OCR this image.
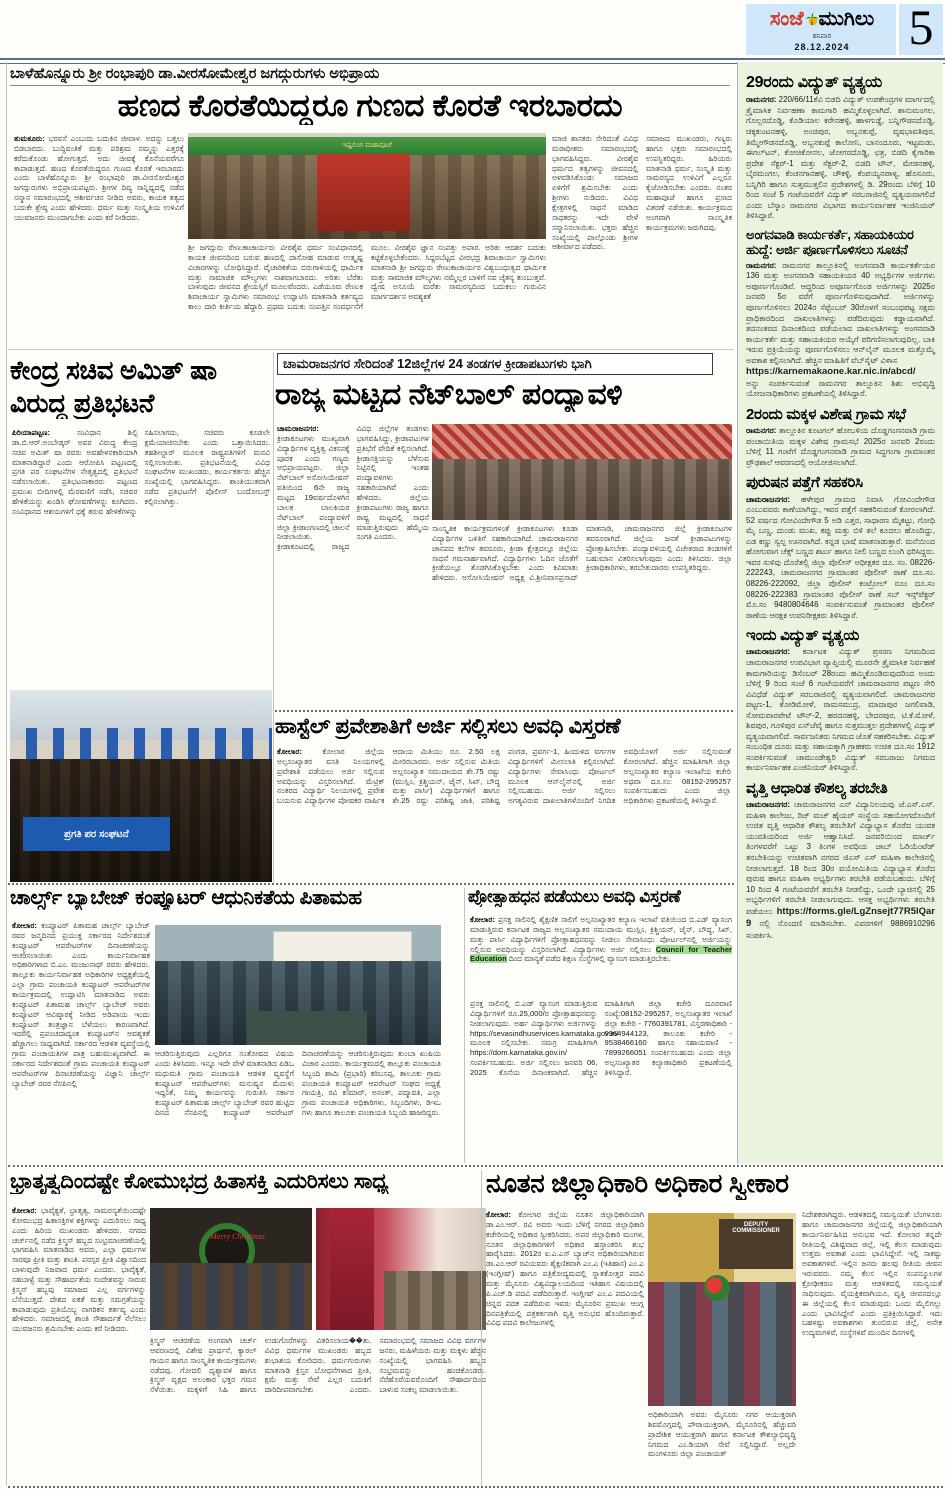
ಸಂಜೆ ಮುಗಿಲು
ಶನಿವಾರ
28.12.2024	5
ಬಾಳೆಹೊನ್ನೂರು ಶ್ರೀ ರಂಭಾಪುರಿ ಡಾ.ವೀರಸೋಮೇಶ್ವರ ಜಗದ್ಗುರುಗಳು ಅಭಿಪ್ರಾಯ
ಹಣದ ಕೊರತೆಯಿದ್ದರೂ ಗುಣದ ಕೊರತೆ ಇರಬಾರದು
ತುಮಕೂರು: ಭರವಸೆ ಎಂಬುದು ಬದುಕಿನ ಜೀವಾಳ. ಅದನ್ನು ಬತ್ತಲು ಬಿಡಬಾರದು. ಬುದ್ಧಿವಂತಿಕೆ ಮತ್ತು ಪರಿಶ್ರಮ ನಮ್ಮನ್ನು ಎತ್ತರಕ್ಕೆ ಕರೆದುಕೊಂಡು ಹೋಗುತ್ತದೆ. ಅದು ಜೀವಕ್ಕೆ ಕೊನೆಯವರೆಗೂ ಕಾಪಾಡುತ್ತದೆ. ಹಣದ ಕೊರತೆಯಿದ್ದರೂ ಗುಣದ ಕೊರತೆ ಇರಬಾರದು ಎಂದು ಬಾಳೆಹೊನ್ನೂರು ಶ್ರೀ ರಂಭಾಪುರಿ ಡಾ.ವೀರಸೋಮೇಶ್ವರ ಜಗದ್ಗುರುಗಳು ಅಭಿಪ್ರಾಯಪಟ್ಟರು. ಶ್ರೀಗಳ ದಿವ್ಯ ಸಾನ್ನಿಧ್ಯದಲ್ಲಿ ನಡೆದ ಸನ್ಮಾನ ಸಮಾರಂಭದಲ್ಲಿ ಆಶೀರ್ವಚನ ನೀಡಿದ ಅವರು, ಕಾಯಕ ತತ್ವದ ಬದುಕೇ ಶ್ರೇಷ್ಠ ಎಂದು ಹೇಳಿದರು. ಧರ್ಮ ಮತ್ತು ಸಂಸ್ಕೃತಿಯ ಉಳಿವಿಗೆ ಯುವಜನರು ಮುಂದಾಗಬೇಕು ಎಂದು ಕರೆ ನೀಡಿದರು.
ಇಷ್ಟಲಿಂಗ ಮಹಾಪೂಜೆ
ಶ್ರೀ ಜಗದ್ಗುರು ರೇಣುಕಾಚಾರ್ಯರು ವೀರಶೈವ ಧರ್ಮ ಸಂವಿಧಾನದಲ್ಲಿ ಕಾಯಕ ಜೀವನದಿಂದ ಬರುವ ಹಣದಲ್ಲಿ ದಾಸೋಹ ಮಾಡುವ ಉತ್ಕೃಷ್ಟ ವಿಚಾರಗಳನ್ನು ಬೋಧಿಸಿದ್ದಾರೆ. ವೈಚಾರಿಕತೆಯ ಬಿರುಗಾಳಿಯಲ್ಲಿ ಧಾರ್ಮಿಕ ಮತ್ತು ಸಾಮಾಜಿಕ ಮೌಲ್ಯಗಳು ನಾಶವಾಗಬಾರದು. ಅರಿತು ಬೆರೆತು ಬಾಳುವುದು ಜೀವನದ ಶ್ರೇಯಸ್ಸಿಗೆ ಮೂಲವೆಂದರು. ಎಡೆಯೂರು ರೇಣುಕ ಶಿವಾಚಾರ್ಯ ಸ್ವಾಮಿಗಳು ಸಮಾರಂಭ ಉದ್ಘಾಟಿಸಿ ಮಾತನಾಡಿ ಕರ್ತವ್ಯದ ಕಾಲು ದಾರಿ ಕೀರ್ತಿಯ ಹೆದ್ದಾರಿ. ಪ್ರಥಮ ಬದುಕು ಸಂಪತ್ತಿನ ಸಂವರ್ಧನೆಗೆ ಮೂಲ. ವೀರಶೈವ ಜ್ಞಾನ ಸಂಪತ್ತು ಅಪಾರ. ಅರಿತು ಆದರ್ಶ ಬದುಕು ಕಟ್ಟಿಕೊಳ್ಳಬೇಕೆಂದರು. ಸಿದ್ದರಬೆಟ್ಟದ ವೀರಭದ್ರ ಶಿವಾಚಾರ್ಯ ಸ್ವಾಮಿಗಳು ಮಾತನಾಡಿ ಶ್ರೀ ಜಗದ್ಗುರು ರೇಣುಕಾಚಾರ್ಯರ ವಿಶ್ವಬಂಧುತ್ವದ ಧಾರ್ಮಿಕ ಮತ್ತು ಸಾಮಾಜಿಕ ಮೌಲ್ಯಗಳು ನಮ್ಮೆಲ್ಲರ ಬಾಳಿಗೆ ನವ ಚೈತನ್ಯ ತುಂಬುತ್ತವೆ. ದ್ವೇಷ ಅಸೂಯೆ ಮರೆತು ಸಾಮರಸ್ಯದಿಂದ ಬದುಕಲು ಗುರುವಿನ ಮಾರ್ಗದರ್ಶನ ಅವಶ್ಯಕತೆ
ಮಾಜಿ ಶಾಸಕರು ಸೇರಿದಂತೆ ವಿವಿಧ ಮಠಾಧೀಶರು ಸಮಾರಂಭದಲ್ಲಿ ಭಾಗವಹಿಸಿದ್ದರು. ವೀರಶೈವ ಧರ್ಮದ ತತ್ವಗಳನ್ನು ಜೀವನದಲ್ಲಿ ಅಳವಡಿಸಿಕೊಂಡು ಸಮಾಜದ ಏಳಿಗೆಗೆ ಶ್ರಮಿಸಬೇಕು ಎಂದು ಶ್ರೀಗಳು ನುಡಿದರು. ವಿವಿಧ ಕ್ಷೇತ್ರಗಳಲ್ಲಿ ಸಾಧನೆ ಮಾಡಿದ ಸಾಧಕರನ್ನು ಇದೇ ವೇಳೆ ಸನ್ಮಾನಿಸಲಾಯಿತು. ಭಕ್ತರು ಹೆಚ್ಚಿನ ಸಂಖ್ಯೆಯಲ್ಲಿ ಪಾಲ್ಗೊಂಡು ಶ್ರೀಗಳ ಆಶೀರ್ವಾದ ಪಡೆದರು.
ಸಮಾಜದ ಮುಖಂಡರು, ಗಣ್ಯರು ಹಾಗೂ ಭಕ್ತರು ಸಮಾರಂಭದಲ್ಲಿ ಉಪಸ್ಥಿತರಿದ್ದರು. ಹಿರಿಯರು ಮಾತನಾಡಿ ಧರ್ಮ, ಸಂಸ್ಕೃತಿ ಮತ್ತು ಸಾಮರಸ್ಯದ ಉಳಿವಿಗೆ ಎಲ್ಲರೂ ಕೈಜೋಡಿಸಬೇಕು ಎಂದರು. ನಂತರ ಮಹಾಪೂಜೆ ಹಾಗೂ ಪ್ರಸಾದ ವಿತರಣೆ ನಡೆಯಿತು. ಕಾರ್ಯಕ್ರಮದ ಅಂಗವಾಗಿ ಸಾಂಸ್ಕೃತಿಕ ಕಾರ್ಯಕ್ರಮಗಳು ಜರುಗಿದವು.
29ರಂದು ವಿದ್ಯುತ್ ವ್ಯತ್ಯಯ
ರಾಮನಗರ: 220/66/11ಕೆವಿ ಬಿಡದಿ ವಿದ್ಯುತ್ ಉಪಕೇಂದ್ರಗಳ ಮಾರ್ಗದಲ್ಲಿ ತ್ರೈಮಾಸಿಕ ನಿರ್ವಹಣಾ ಕಾಮಗಾರಿ ಹಮ್ಮಿಕೊಳ್ಳಲಾಗಿದೆ. ಶಾನುಮಂಗಲ, ಗೊಲ್ಲರದೊಡ್ಡಿ, ಕೊಡಿಯಾಲ ಕರೇನಹಳ್ಳಿ, ಹಾಳಗುಡ್ಡೆ, ಬನ್ನಿಗೌಡನದೊಡ್ಡಿ, ಚಿಕ್ಕಕುಂಟನಹಳ್ಳಿ, ಅಂಚಿಪುರ, ಅಬ್ಬನಕುಪ್ಪೆ, ವೃಷಭಾವತಿಪುರ, ತಿಮ್ಮೇಗೌಡನದೊಡ್ಡಿ, ಅಬ್ಬನಕುಪ್ಪೆ ಕಾಲೋನಿ, ಬಾನಂದೂರು, ಇಟ್ಟಮಡು, ಈಗಲ್‌ಟನ್, ಕೋಚಿಕೋನಲ, ಜೋಗರದೊಡ್ಡಿ, ಛತ್ರ, ಬಿಡದಿ ಕೈಗಾರಿಕಾ ಪ್ರದೇಶ ಸೆಕ್ಟರ್-1 ಮತ್ತು ಸೆಕ್ಟರ್-2, ಬಿಡದಿ ಟೌನ್, ಮೇಡನಹಳ್ಳಿ, ಬೈರಮಂಗಲ, ಕೆಂಚನಗಾನಹಳ್ಳಿ, ಚೌಕಳ್ಳಿ, ಕೆಂಪಯ್ಯನಪಾಳ್ಯ, ಹೊಸೂರು, ಬನ್ನಿಗಿರಿ ಹಾಗೂ ಸುತ್ತಮುತ್ತಲಿನ ಪ್ರದೇಶಗಳಲ್ಲಿ ಡಿ. 29ರಂದು ಬೆಳಿಗ್ಗೆ 10 ರಿಂದ ಸಂಜೆ 5 ಗಂಟೆಯವರೆಗೆ ವಿದ್ಯುತ್ ಸರಬರಾಜಿನಲ್ಲಿ ವ್ಯತ್ಯಯವಾಗಲಿದೆ ಎಂದು ಬೆಸ್ಕಾಂ ರಾಮನಗರ ವಿಭಾಗದ ಕಾರ್ಯನಿರ್ವಾಹಕ ಇಂಜಿನಿಯರ್ ತಿಳಿಸಿದ್ದಾರೆ.
ಅಂಗನವಾಡಿ ಕಾರ್ಯಕರ್ತೆ, ಸಹಾಯಕಿಯರ ಹುದ್ದೆ: ಅರ್ಜಿ ಪೂರ್ಣಗೊಳಿಸಲು ಸೂಚನೆ
ರಾಮನಗರ: ರಾಮನಗರ ತಾಲ್ಲೂಕಿನಲ್ಲಿ ಅಂಗನವಾಡಿ ಕಾರ್ಯಕರ್ತೆಯರ 136 ಮತ್ತು ಅಂಗನವಾಡಿ ಸಹಾಯಕಿಯರ 40 ಅಭ್ಯರ್ಥಿಗಳ ಅರ್ಜಿಗಳು ಅಪೂರ್ಣಗೊಂಡಿವೆ. ಆದ್ದರಿಂದ ಅಪೂರ್ಣಗೊಂಡ ಅರ್ಜಿಗಳನ್ನು 2025ರ ಜನವರಿ 5ರ ವರೆಗೆ ಪೂರ್ಣಗೊಳಿಸುವುದಾಗಿದೆ. ಅರ್ಜಿಗಳನ್ನು ಪೂರ್ಣಗೊಳಿಸಲು 2024ರ ಸೆಪ್ಟೆಂಬರ್ 30ರೊಳಗೆ ಸಂಬಂಧಪಟ್ಟ ಸಕ್ಷಮ ಪ್ರಾಧಿಕಾರದಿಂದ ದಾಖಲಾತಿಗಳನ್ನು ಪಡೆದಿರುವುದು ಕಡ್ಡಾಯವಾಗಿದೆ. ತದನಂತರದ ದಿನಾಂಕದಿಂದ ಪಡೆಯಲಾದ ದಾಖಲಾತಿಗಳನ್ನು ಅಂಗನವಾಡಿ ಕಾರ್ಯಕರ್ತೆ ಮತ್ತು ಸಹಾಯಕಿಯರ ಆಯ್ಕೆಗೆ ಪರಿಗಣಿಸಲಾಗುವುದಿಲ್ಲ. ಬಾಕಿ ಇರುವ ಪ್ರಕ್ರಿಯೆಯನ್ನು ಪೂರ್ಣಗೊಳಿಸಲು ಆನ್‌ಲೈನ್ ಮೂಲಕ ಮತ್ತೊಮ್ಮೆ ಅವಕಾಶ ಕಲ್ಪಿಸಲಾಗಿದೆ. ಹೆಚ್ಚಿನ ಮಾಹಿತಿಗೆ ವೆಬ್‌ಸೈಟ್ ವಿಳಾಸ
https://karnemakaone.kar.nic.in/abcd/
ಅನ್ನು ಸಂಪರ್ಕಿಸುವಂತೆ ರಾಮನಗರ ತಾಲ್ಲೂಕಿನ ಶಿಶು ಅಭಿವೃದ್ಧಿ ಯೋಜನಾಧಿಕಾರಿಗಳು ಪ್ರಕಟಣೆಯಲ್ಲಿ ತಿಳಿಸಿದ್ದಾರೆ.
2ರಂದು ಮಕ್ಕಳ ವಿಶೇಷ ಗ್ರಾಮ ಸಭೆ
ರಾಮನಗರ: ತಾಲ್ಲೂಕಿನ ಕೂಟಗಲ್ ಹೋಬಳಿಯ ದೊಡ್ಡಗಂಗನವಾಡಿ ಗ್ರಾಮ ಪಂಚಾಯಿತಿಯ ಮಕ್ಕಳ ವಿಶೇಷ ಗ್ರಾಮಸಭೆ 2025ರ ಜನವರಿ 2ರಂದು ಬೆಳಿಗ್ಗೆ 11 ಗಂಟೆಗೆ ದೊಡ್ಡಗಂಗನವಾಡಿ ಗ್ರಾಮದ ಸಿದ್ಧಗಂಗಾ ಗ್ರಾಮಾಂತರ ಪ್ರೌಢಶಾಲೆ ಆವರಣದಲ್ಲಿ ಆಯೋಜಿಸಲಾಗಿದೆ.
ಪುರುಷನ ಪತ್ತೆಗೆ ಸಹಕರಿಸಿ
ಚಾಮರಾಜನಗರ: ಹಳೇಪುರ ಗ್ರಾಮದ ನಿವಾಸಿ ಗೋವಿಂದೇಗೌಡ ಎಂಬುವವರು ಕಾಣೆಯಾಗಿದ್ದು, ಇವರ ಪತ್ತೆಗೆ ಸಹಕರಿಸುವಂತೆ ಕೋರಲಾಗಿದೆ. 52 ವರ್ಷದ ಗೋವಿಂದೇಗೌಡ 5 ಅಡಿ ಎತ್ತರ, ಸಾಧಾರಣ ಮೈಕಟ್ಟು, ಗೋಧಿ ಮೈ ಬಣ್ಣ, ದುಂಡು ಮುಖ, ಕಪ್ಪು ಮತ್ತು ಬಿಳಿ ತಲೆ ಕೂದಲು ಹೊಂದಿದ್ದು, ಎಡ ಕಣ್ಣು ಸ್ವಲ್ಪ ಊನವಾಗಿದೆ. ಕನ್ನಡ ಭಾಷೆ ಮಾತನಾಡುತ್ತಾರೆ. ಮನೆಯಿಂದ ಹೋಗುವಾಗ ಚೆಕ್ಸ್ ಬಣ್ಣದ ಶರ್ಟು ಹಾಗೂ ನೀಲಿ ಬಣ್ಣದ ಲುಂಗಿ ಧರಿಸಿದ್ದರು. ಇವರ ಸುಳಿವು ದೊರೆತಲ್ಲಿ ಜಿಲ್ಲಾ ಪೊಲೀಸ್ ಅಧೀಕ್ಷಕರ ದೂ. ಸಂ. 08226-222243, ಚಾಮರಾಜನಗರ ಗ್ರಾಮಾಂತರ ಪೊಲೀಸ್ ಠಾಣೆ ದೂ.ಸಂ. 08226-222092, ಜಿಲ್ಲಾ ಪೊಲೀಸ್ ಕಂಟ್ರೋಲ್ ರೂಂ ದೂ.ಸಂ 08226-222383 ಗ್ರಾಮಾಂತರ ಪೊಲೀಸ್ ಠಾಣೆ ಸಬ್ ಇನ್ಸ್‌ಪೆಕ್ಟರ್ ಮೊ.ಸಂ 9480804646 ಸಂಪರ್ಕಿಸುವಂತೆ ಗ್ರಾಮಾಂತರ ಪೊಲೀಸ್ ಠಾಣೆಯ ಆರಕ್ಷಕ ಉಪನಿರೀಕ್ಷಕರು ತಿಳಿಸಿದ್ದಾರೆ.
ಇಂದು ವಿದ್ಯುತ್ ವ್ಯತ್ಯಯ
ಚಾಮರಾಜನಗರ: ಕರ್ನಾಟಕ ವಿದ್ಯುತ್ ಪ್ರಸರಣ ನಿಗಮದಿಂದ ಚಾಮರಾಜನಗರ ಉಪವಿಭಾಗ ವ್ಯಾಪ್ತಿಯಲ್ಲಿ ಮೂರನೇ ತ್ರೈಮಾಸಿಕ ನಿರ್ವಹಣೆ ಕಾಮಗಾರಿಯನ್ನು ಡಿಸೆಂಬರ್ 28ರಂದು ಹಮ್ಮಿಕೊಂಡಿರುವುದರಿಂದ ಅಂದು ಬೆಳಿಗ್ಗೆ 9 ರಿಂದ ಸಂಜೆ 6 ಗಂಟೆಯವರೆಗೆ ಚಾಮರಾಜನಗರ ಪಟ್ಟಣ ಸೇರಿ ವಿವಿಧೆಡೆ ವಿದ್ಯುತ್ ಸರಬರಾಜಿನಲ್ಲಿ ವ್ಯತ್ಯಯವಾಗಲಿದೆ. ಚಾಮರಾಜನಗರ ಪಟ್ಟಣ-1, ಕೋಡಿಮೋಳೆ, ರಾಮಸಮುದ್ರ, ಮಾದಾಪುರ ಜಗಲಿವಾಡಿ, ಸೋಮವಾರಪೇಟೆ ಟೌನ್-2, ಹರದನಹಳ್ಳಿ, ಬೇದರಪುರ, ಟಿ.ಕೆ.ಮೋಳೆ, ಶಿವಪುರ, ಗೂಳಿಪುರ ಎನ್‌ಜೆವೈ ಹಾಗೂ ಸುತ್ತಮುತ್ತಲ ಪ್ರದೇಶಗಳಲ್ಲಿ ವಿದ್ಯುತ್ ವ್ಯತ್ಯಯವಾಗಲಿದೆ. ಸಾರ್ವಜನಿಕರು ನಿಗಮದ ಜೊತೆ ಸಹಕರಿಸಬೇಕು. ವಿದ್ಯುತ್ ಸಂಬಂಧಿತ ದೂರು ಮತ್ತು ಸಹಾಯಕ್ಕಾಗಿ ಗ್ರಾಹಕರು ಉಚಿತ ದೂ.ಸಂ 1912 ಸಂಪರ್ಕಿಸುವಂತೆ ಚಾಮುಂಡೇಶ್ವರಿ ವಿದ್ಯುತ್ ಸರಬರಾಜು ನಿಗಮದ ಕಾರ್ಯನಿರ್ವಾಹಕ ಎಂಜಿನಿಯರ್ ತಿಳಿಸಿದ್ದಾರೆ.
ವೃತ್ತಿ ಆಧಾರಿತ ಕೌಶಲ್ಯ ತರಬೇತಿ
ಚಾಮರಾಜನಗರ: ಚಾಮರಾಜನಗರ ಎನ್ ವಿದ್ಯಾನಿಲಯವು ಜೆ.ಎಸ್.ಎಸ್. ಮಹಿಳಾ ಕಾಲೇಜು, ರಿಜ್ ಮಚ್ ಹೈಯರ್ ಸಂಸ್ಥೆಯ ಸಹಯೋಗದೊಂದಿಗೆ ಉಚಿತ ವೃತ್ತಿ ಆಧಾರಿತ ಕೌಶಲ್ಯ ತರಬೇತಿಗೆ ವಿದ್ಯಾಭ್ಯಾಸ ತೊರೆದ ಯುವಕ ಯುವತಿಯರಿಂದ ಅರ್ಜಿ ಆಹ್ವಾನಿಸಿದೆ. ಜನವರಿಯಿಂದ ಮಾರ್ಚ್ ತಿಂಗಳವರೆಗೆ ಒಟ್ಟು 3 ತಿಂಗಳ ಅವಧಿಯ ಜಾಬ್ ಓರಿಯೆಂಟೆಡ್ ತರಬೇತಿಯನ್ನು ಉಚಿತವಾಗಿ ನಗರದ ಜಿಎಸ್ ಎಸ್ ಮಹಿಳಾ ಕಾಲೇಜಿನಲ್ಲಿ ನೀಡಲಾಗುತ್ತದೆ. 18 ರಿಂದ 30ರ ವಯೋಮಿತಿಯ ವಿದ್ಯಾಭ್ಯಾಸ ತೊರೆದ ಪುರುಷ ಹಾಗೂ ಮಹಿಳಾ ಅಭ್ಯರ್ಥಿಗಳು ತರಬೇತಿ ಪಡೆಯಬಹುದು. ಬೆಳಿಗ್ಗೆ 10 ರಿಂದ 4 ಗಂಟೆಯವರೆಗೆ ತರಬೇತಿ ನೀಡಲಿದ್ದು, ಒಂದೇ ಬ್ಯಾಚಿನಲ್ಲಿ 25 ಅಭ್ಯರ್ಥಿಗಳಿಗೆ ತರಬೇತಿ ನೀಡಲಾಗುವುದು. ಆಸಕ್ತ ಅಭ್ಯರ್ಥಿಗಳು ತರಬೇತಿ ಪಡೆಯಲು https://forms.gle/LgZnsejt77R5lQar9 ನಲ್ಲಿ ನೊಂದಣಿ ಮಾಡಿಸಬೇಕು. ವಿವರಗಳಿಗೆ 9886910296 ಸಂಪರ್ಕಿಸಿ.
ಚಾಮರಾಜನಗರ ಸೇರಿದಂತೆ 12ಜಿಲ್ಲೆಗಳ 24 ತಂಡಗಳ ಕ್ರೀಡಾಪಟುಗಳು ಭಾಗಿ
ರಾಜ್ಯ ಮಟ್ಟದ ನೆಟ್‌ಬಾಲ್ ಪಂದ್ಯಾವಳಿ
ಚಾಮರಾಜನಗರ: ಕ್ರೀಡಾಕೂಟಗಳು ಮುಖ್ಯವಾಗಿ ವಿದ್ಯಾರ್ಥಿಗಳ ವ್ಯಕ್ತಿತ್ವ ವಿಕಸನಕ್ಕೆ ಪೂರಕ ಎಂದು ಗಣ್ಯರು ಅಭಿಪ್ರಾಯಪಟ್ಟರು. ಜಿಲ್ಲಾ ನೆಟ್‌ಬಾಲ್ ಅಸೋಸಿಯೇಷನ್ ವತಿಯಿಂದ 6ನೇ ರಾಜ್ಯ ಮಟ್ಟದ 19ವರ್ಷದೊಳಗಿನ ಬಾಲಕ ಬಾಲಕಿಯರ ನೆಟ್‌ಬಾಲ್ ಪಂದ್ಯಾವಳಿಗೆ ಜಿಲ್ಲಾ ಕ್ರೀಡಾಂಗಣದಲ್ಲಿ ಚಾಲನೆ ನೀಡಲಾಯಿತು. ಕ್ರೀಡಾಕೂಟದಲ್ಲಿ ರಾಜ್ಯದ ವಿವಿಧ ಜಿಲ್ಲೆಗಳ ತಂಡಗಳು ಭಾಗವಹಿಸಿದ್ದು, ಕ್ರೀಡಾಪಟುಗಳ ಪ್ರತಿಭೆಗೆ ವೇದಿಕೆ ಕಲ್ಪಿಸಲಾಗಿದೆ. ಕ್ರೀಡಾಸಕ್ತಿಯನ್ನು ಬೆಳೆಸುವ ನಿಟ್ಟಿನಲ್ಲಿ ಇಂತಹ ಪಂದ್ಯಾವಳಿಗಳು ಸಹಕಾರಿಯಾಗಿವೆ ಎಂದು ಹೇಳಿದರು. ಜಿಲ್ಲೆಯ ಕ್ರೀಡಾಪಟುಗಳು ರಾಜ್ಯ ಹಾಗೂ ರಾಷ್ಟ್ರ ಮಟ್ಟದಲ್ಲಿ ಸಾಧನೆ ಮಾಡುತ್ತಿರುವುದು ಹೆಮ್ಮೆಯ ಸಂಗತಿ ಎಂದರು.
ಸಾಂಸ್ಕೃತಿಕ ಕಾರ್ಯಕ್ರಮಗಳಂತೆ ಕ್ರೀಡಾಕೂಟಗಳು ಕೂಡಾ ವಿದ್ಯಾರ್ಥಿಗಳ ಒಳಿತಿಗೆ ಸಹಕಾರಿಯಾಗಿದೆ. ಚಾಮರಾಜನಗರ ಜಾನಪದ ಕಲೆಗಳ ತವರೂರು, ಕ್ರೀಡಾ ಕ್ಷೇತ್ರದಲ್ಲೂ ಜಿಲ್ಲೆಯ ಸಾಧನೆ ಗಮನಾರ್ಹವಾಗಿದೆ. ವಿದ್ಯಾರ್ಥಿಗಳು ಓದಿನ ಜೊತೆಗೆ ಕ್ರೀಡೆಯಲ್ಲೂ ತೊಡಗಿಸಿಕೊಳ್ಳಬೇಕು ಎಂದು ಕಿವಿಮಾತು ಹೇಳಿದರು. ಅಸೋಸಿಯೇಷನ್ ಅಧ್ಯಕ್ಷ ವಿ.ಶ್ರೀನಿವಾಸಪ್ರಸಾದ್ ಮಾತನಾಡಿ, ಚಾಮರಾಜನಗರ ಜಿಲ್ಲೆ ಕ್ರೀಡಾಕೂಟಗಳ ತವರೂರಾಗಿದೆ. ಜಿಲ್ಲೆಯ ಜನತೆ ಕ್ರೀಡಾಪಟುಗಳನ್ನು ಪ್ರೋತ್ಸಾಹಿಸಬೇಕು. ಪಂದ್ಯಾವಳಿಯಲ್ಲಿ ವಿಜೇತರಾದ ತಂಡಗಳಿಗೆ ಬಹುಮಾನ ವಿತರಿಸಲಾಗುವುದು ಎಂದು ತಿಳಿಸಿದರು. ಜಿಲ್ಲಾ ಕ್ರೀಡಾಧಿಕಾರಿಗಳು, ತರಬೇತುದಾರರು ಉಪಸ್ಥಿತರಿದ್ದರು.
ಕೇಂದ್ರ ಸಚಿವ ಅಮಿತ್ ಷಾ ವಿರುದ್ಧ ಪ್ರತಿಭಟನೆ
ಪಿರಿಯಾಪಟ್ಟಣ:	ಸಂವಿಧಾನ ಶಿಲ್ಪಿ ಡಾ.ಬಿ.ಆರ್.ಅಂಬೇಡ್ಕರ್ ಅವರ ವಿರುದ್ಧ ಕೇಂದ್ರ ಸಚಿವ ಅಮಿತ್ ಷಾ ರವರು ಅವಹೇಳನಕಾರಿಯಾಗಿ ಮಾತನಾಡಿದ್ದಾರೆ ಎಂದು ಆರೋಪಿಸಿ ಪಟ್ಟಣದಲ್ಲಿ ಪ್ರಗತಿ ಪರ ಸಂಘಟನೆಗಳ ನೇತೃತ್ವದಲ್ಲಿ ಪ್ರತಿಭಟನೆ ನಡೆಸಲಾಯಿತು. ಪ್ರತಿಭಟನಾಕಾರರು ಪಟ್ಟಣದ ಪ್ರಮುಖ ಬೀದಿಗಳಲ್ಲಿ ಮೆರವಣಿಗೆ ನಡೆಸಿ, ಸಚಿವರ ಹೇಳಿಕೆಯನ್ನು ಖಂಡಿಸಿ ಘೋಷಣೆಗಳನ್ನು ಕೂಗಿದರು. ಸಂವಿಧಾನದ ಆಶಯಗಳಿಗೆ ಧಕ್ಕೆ ತರುವ ಹೇಳಿಕೆಗಳನ್ನು ಸಹಿಸಲಾಗದು, ಸಚಿವರು ಕೂಡಲೇ ಕ್ಷಮೆಯಾಚಿಸಬೇಕು ಎಂದು ಒತ್ತಾಯಿಸಿದರು. ತಹಶೀಲ್ದಾರ್ ಮೂಲಕ ರಾಷ್ಟ್ರಪತಿಗಳಿಗೆ ಮನವಿ ಸಲ್ಲಿಸಲಾಯಿತು. ಪ್ರತಿಭಟನೆಯಲ್ಲಿ ವಿವಿಧ ಸಂಘಟನೆಗಳ ಮುಖಂಡರು, ಕಾರ್ಯಕರ್ತರು ಹೆಚ್ಚಿನ ಸಂಖ್ಯೆಯಲ್ಲಿ ಭಾಗವಹಿಸಿದ್ದರು. ಶಾಂತಿಯುತವಾಗಿ ನಡೆದ ಪ್ರತಿಭಟನೆಗೆ ಪೊಲೀಸ್ ಬಂದೋಬಸ್ತ್ ಕಲ್ಪಿಸಲಾಗಿತ್ತು.
ಪ್ರಗತಿ ಪರ ಸಂಘಟನೆ
ಹಾಸ್ಟೆಲ್ ಪ್ರವೇಶಾತಿಗೆ ಅರ್ಜಿ ಸಲ್ಲಿಸಲು ಅವಧಿ ವಿಸ್ತರಣೆ
ಕೋಲಾರ:	ಕೋಲಾರ ಜಿಲ್ಲೆಯ ಅಲ್ಪಸಂಖ್ಯಾತರ ವಸತಿ ನಿಲಯಗಳಲ್ಲಿ ಪ್ರವೇಶಾತಿ ಪಡೆಯಲು ಅರ್ಜಿ ಸಲ್ಲಿಸುವ ಅವಧಿಯನ್ನು ವಿಸ್ತರಿಸಲಾಗಿದೆ. ಮೆಟ್ರಿಕ್ ನಂತರದ ವಿದ್ಯಾರ್ಥಿ ನಿಲಯಗಳಲ್ಲಿ ಪ್ರವೇಶ ಬಯಸುವ ವಿದ್ಯಾರ್ಥಿಗಳ ಪೋಷಕರ ವಾರ್ಷಿಕ ಆದಾಯ ಮಿತಿಯು ರೂ. 2.50 ಲಕ್ಷ ಮೀರಿರಬಾರದು. ಅರ್ಜಿ ಸಲ್ಲಿಸುವ ಮಿತಿಯ ಅಲ್ಪಸಂಖ್ಯಾತ ಸಮುದಾಯದ ಶೇ.75 ರಷ್ಟು (ಮುಸ್ಲಿಂ, ಕ್ರಿಶ್ಚಿಯನ್, ಜೈನ್, ಸಿಖ್, ಬೌದ್ಧ ಮತ್ತು ಪಾರ್ಸಿ) ವಿದ್ಯಾರ್ಥಿಗಳಿಗೆ ಹಾಗೂ ಶೇ.25 ರಷ್ಟು ಪರಿಶಿಷ್ಟ ಜಾತಿ, ಪರಿಶಿಷ್ಟ ಪಂಗಡ, ಪ್ರವರ್ಗ-1, ಹಿಂದುಳಿದ ವರ್ಗಗಳ ವಿದ್ಯಾರ್ಥಿಗಳಿಗೆ ಮೀಸಲಾತಿ ಕಲ್ಪಿಸಲಾಗಿದೆ. ವಿದ್ಯಾರ್ಥಿಗಳು ಸೇವಾಸಿಂಧು ಪೋರ್ಟಲ್ ಮೂಲಕ ಆನ್‌ಲೈನ್‌ನಲ್ಲಿ ಅರ್ಜಿ ಸಲ್ಲಿಸಬಹುದು. ಅರ್ಜಿ ಸಲ್ಲಿಸಲು ಅಗತ್ಯವಿರುವ ದಾಖಲಾತಿಗಳೊಂದಿಗೆ ನಿಗದಿತ ಅವಧಿಯೊಳಗೆ ಅರ್ಜಿ ಸಲ್ಲಿಸುವಂತೆ ಕೋರಲಾಗಿದೆ. ಹೆಚ್ಚಿನ ಮಾಹಿತಿಗಾಗಿ ಜಿಲ್ಲಾ ಅಲ್ಪಸಂಖ್ಯಾತರ ಕಲ್ಯಾಣ ಇಲಾಖೆಯ ಕಚೇರಿ ಅಥವಾ ದೂ.ಸಂ: 08152-295257 ಸಂಪರ್ಕಿಸಬಹುದು ಎಂದು ಜಿಲ್ಲಾ ಅಧಿಕಾರಿಗಳು ಪ್ರಕಟಣೆಯಲ್ಲಿ ತಿಳಿಸಿದ್ದಾರೆ.
ಚಾರ್ಲ್ಸ್ ಬ್ಯಾಬೇಜ್ ಕಂಪ್ಯೂಟರ್ ಆಧುನಿಕತೆಯ ಪಿತಾಮಹ
ಕೋಲಾರ: ಕಂಪ್ಯೂಟರ್ ಪಿತಾಮಹ ಚಾರ್ಲ್ಸ್ ಬ್ಯಾಬೇಜ್ ರವರ ಜನ್ಮದಿನದ ಪ್ರಯುಕ್ತ ಸರ್ಕಾರದ ನಿರ್ದೇಶದಂತೆ ಕಂಪ್ಯೂಟರ್ ಆಪರೇಟರ್‌ಗಳ ದಿನಾಚರಣೆಯನ್ನು ಆಚರಿಸಲಾಯಿತು ಎಂದು ಕಾರ್ಯನಿರ್ವಾಹಕ ಅಧಿಕಾರಿಗಳಾದ ಬಿ.ಎಂ. ಮಂಜುನಾಥ್ ರವರು ಹೇಳಿದರು. ತಾಲ್ಲೂಕು ಕಾರ್ಯನಿರ್ವಾಹಕ ಅಧಿಕಾರಿಗಳ ಅಧ್ಯಕ್ಷತೆಯಲ್ಲಿ ಎಲ್ಲಾ ಗ್ರಾಮ ಪಂಚಾಯತಿ ಕಂಪ್ಯೂಟರ್ ಆಪರೇಟರ್‌ಗಳ ಕಾರ್ಯಕ್ರಮದಲ್ಲಿ ಉದ್ಘಾಟಿಸಿ ಮಾತನಾಡಿದ ಅವರು ಕಂಪ್ಯೂಟರ್ ಪಿತಾಮಹ ಚಾರ್ಲ್ಸ್ ಬ್ಯಾಬೇಜ್ ಅವರು ಕಂಪ್ಯೂಟರ್ ಆವಿಷ್ಕಾರಕ್ಕೆ ನೀಡಿದ ಅಡಿಪಾಯ ಇಂದು ಕಂಪ್ಯೂಟರ್ ತಂತ್ರಜ್ಞಾನ ಬೆಳೆಯಲು ಕಾರಣವಾಗಿದೆ. ಇದರಲ್ಲಿ ಪ್ರಪಂಚದಾದ್ಯಂತ ಕಂಪ್ಯೂಟರ್‌ನ ಅವಶ್ಯಕತೆ ಹೆಚ್ಚಾಗಲು ಸಾಧ್ಯವಾಗಿದೆ. ಸರ್ಕಾರದ ಆಡಳಿತ ವ್ಯವಸ್ಥೆಯಲ್ಲಿ ಗ್ರಾಮ ಪಂಚಾಯತಿಗಳ ಪಾತ್ರ ಬಹುಮುಖ್ಯವಾಗಿದೆ. ಈ ಸರ್ಕಾರದ ನಿರ್ದೇಶದಂತೆ ಗ್ರಾಮ ಪಂಚಾಯತಿ ಕಂಪ್ಯೂಟರ್ ಆಪರೇಟರ್‌ಗಳ ದಿನಾಚರಣೆಯನ್ನು ವಿಜ್ಞಾನಿ ಚಾರ್ಲ್ಸ್ ಬ್ಯಾಬೇಜ್ ರವರ ನೆನಪಿನಲ್ಲಿ
ಆಚರಿಸುತ್ತಿರುವುದು ಎಲ್ಲರಿಗೂ ಸಂತೋಷದ ವಿಷಯ ಎಂದು ತಿಳಿಸಿದರು. ಇನ್ನೂ ಇದೇ ವೇಳೆ ಮಾತನಾಡಿದ ಪಿಡಿಒ ಮಧುಮತಿ ಗ್ರಾಮ ಪಂಚಾಯತಿ ಆಡಳಿತ ವ್ಯವಸ್ಥೆಗೆ ಕಂಪ್ಯೂಟರ್ ಆಪರೇಟರ್‌ಗಳು ಮನುಷ್ಯನ ಮೆದುಳು ಇದ್ದಂತೆ, ನಿಮ್ಮ ಕಾರ್ಯವನ್ನು ಗುರುತಿಸಿ ಸರ್ಕಾರ ಕಂಪ್ಯೂಟರ್ ಪಿತಾಮಹ ಚಾರ್ಲ್ಸ್ ಬ್ಯಾಬೇಜ್ ರವರ ಹುಟ್ಟಿದ ದಿನದ ನೆನಪಿನಲ್ಲಿ ಕಂಪ್ಯೂಟರ್ ಆಪರೇಟರ್ ದಿನಾಚರಣೆಯನ್ನು ಆಚರಿಸುತ್ತಿರುವುದು ತುಂಬಾ ಖುಷಿಯ ವಿಚಾರ ಎಂದರು. ಕಾರ್ಯಕ್ರಮದಲ್ಲಿ ತಾಲ್ಲೂಕು ಪಂಚಾಯತಿ ಸಿಬ್ಬಂದಿ ಶಾಮಿ (ಪ್ರಭಾರಿ) ಕರಿಬಸಪ್ಪ, ತಾಲೂಕು ಗ್ರಾಮ ಪಂಚಾಯತಿ ಕಂಪ್ಯೂಟರ್ ಆಪರೇಟರ್ ಸಂಘದ ಅಧ್ಯಕ್ಷೆ ಗಾಯತ್ರಿ, ರವಿ ಕುಮಾರ್, ಅನಂತ್, ಪದ್ಮಾವತಿ, ಎಲ್ಲಾ ಗ್ರಾಮ ಪಂಚಾಯತಿ ಅಧಿಕಾರಿಗಳು, ಸಿಬ್ಬಂದಿಗಳು, ಡಿಇಒ ಗಳು ಹಾಗೂ ತಾಲೂಕು ಪಂಚಾಯತಿ ಸಿಬ್ಬಂದಿ ಹಾಜರಿದ್ದರು.
ಪ್ರೋತ್ಸಾಹಧನ ಪಡೆಯಲು ಅವಧಿ ವಿಸ್ತರಣೆ
ಕೋಲಾರ: ಪ್ರಸಕ್ತ ಸಾಲಿನಲ್ಲಿ ಶೈಕ್ಷಣಿಕ ಸಾಲಿಗೆ ಅಲ್ಪಸಂಖ್ಯಾತರ ಕಲ್ಯಾಣ ಇಲಾಖೆ ವತಿಯಿಂದ ಬಿ.ಎಡ್ ವ್ಯಾಸಂಗ ಮಾಡುತ್ತಿರುವ ಕರ್ನಾಟಕ ರಾಜ್ಯದ ಅಲ್ಪಸಂಖ್ಯಾತರ ಸಮುದಾಯ ಮುಸ್ಲಿಂ, ಕ್ರಿಶ್ಚಿಯನ್, ಜೈನ್, ಬೌದ್ಧ, ಸಿಖ್, ಮತ್ತು ಪಾರ್ಸಿ ವಿದ್ಯಾರ್ಥಿಗಳಿಗೆ ಪ್ರೋತ್ಸಾಹಧನವನ್ನು ನೀಡಲು ಸೇವಾಸಿಂಧು ಪೋರ್ಟಲ್‌ನಲ್ಲಿ ಅರ್ಜಿಯನ್ನು ಸಲ್ಲಿಸುವ ಅವಧಿಯನ್ನು ವಿಸ್ತರಿಸಲಾಗಿದೆ. ವಿದ್ಯಾರ್ಥಿಗಳು ಅರ್ಜಿ ಸಲ್ಲಿಸಲು Council for Teacher Education ದಿಂದ ಮಾನ್ಯತೆ ಪಡೆದ ಶಿಕ್ಷಣ ಸಂಸ್ಥೆಗಳಲ್ಲಿ ವ್ಯಾಸಂಗ ಮಾಡುತ್ತಿರಬೇಕು.
ಪ್ರಸಕ್ತ ಸಾಲಿನಲ್ಲಿ ಬಿ.ಎಡ್ ವ್ಯಾಸಂಗ ಮಾಡುತ್ತಿರುವ ವಿದ್ಯಾರ್ಥಿಗಳಿಗೆ ರೂ.25,000/ರ ಪ್ರೋತ್ಸಾಹಧನವನ್ನು ನೀಡಲಾಗುವುದು. ಅರ್ಹ ವಿದ್ಯಾರ್ಥಿಗಳು ಅರ್ಜಿಗಳನ್ನು https://sevasindhuservices.karnataka.gov.in/ ಮೂಲಕ ಸಲ್ಲಿಸಬೇಕು. ಸಮಗ್ರ ಮಾಹಿತಿಗಾಗಿ https://dom.karnataka.gov.in/ ಸಂಪರ್ಕಿಸಬಹುದು. ಅರ್ಜಿ ಸಲ್ಲಿಸಲು ಜನವರಿ 06, 2025 ಕೊನೆಯ ದಿನಾಂಕವಾಗಿದೆ. ಹೆಚ್ಚಿನ ಮಾಹಿತಿಗಾಗಿ ಜಿಲ್ಲಾ ಕಚೇರಿ ದೂರವಾಣಿ ಸಂಖ್ಯೆ:08152-295257, ಅಲ್ಪಸಂಖ್ಯಾತರ ಇಲಾಖೆ ಜಿಲ್ಲಾ ಕಚೇರಿ - 7760391781, ವಿಸ್ತರಣಾಧಿಕಾರಿ - 9964944123, ತಾಲೂಕು ಕಚೇರಿ - 9538466160 ಹಾಗೂ ಸಹಾಯವಾಣಿ - 7899266051 ಸಂಪರ್ಕಿಸಬಹುದು ಎಂದು ಜಿಲ್ಲಾ ಅಲ್ಪಸಂಖ್ಯಾತರ ಕಲ್ಯಾಣಾಧಿಕಾರಿ ಪ್ರಕಟಣೆಯಲ್ಲಿ ತಿಳಿಸಿದ್ದಾರೆ.
ಭ್ರಾತೃತ್ವದಿಂದಷ್ಟೇ ಕೋಮುಭದ್ರ ಹಿತಾಸಕ್ತಿ ಎದುರಿಸಲು ಸಾಧ್ಯ
ಕೋಲಾರ: ಭಾವೈಕ್ಯತೆ, ಭ್ರಾತೃತ್ವ, ಸಾಮರಸ್ಯತೆಯಿಂದಷ್ಟೇ ಕೋಮುಭದ್ರ ಹಿತಾಸಕ್ತಿಗಳ ಶಕ್ತಿಗಳನ್ನು ಎದುರಿಸಲು ಸಾಧ್ಯ ಎಂದು ಹಿರಿಯ ಮುಖಂಡರು ಹೇಳಿದರು. ನಗರದ ಚರ್ಚ್‌ನಲ್ಲಿ ನಡೆದ ಕ್ರಿಸ್ಮಸ್ ಹಬ್ಬದ ಸಂಭ್ರಮಾಚರಣೆಯಲ್ಲಿ ಭಾಗವಹಿಸಿ ಮಾತನಾಡಿದ ಅವರು, ಎಲ್ಲಾ ಧರ್ಮಗಳ ಸಾರವೂ ಪ್ರೀತಿ ಮತ್ತು ಶಾಂತಿ. ಪರಸ್ಪರ ಪ್ರೀತಿ ವಿಶ್ವಾಸದಿಂದ ಬಾಳುವುದೇ ನಿಜವಾದ ಧರ್ಮ ಎಂದರು. ಭಾವೈಕ್ಯತೆ, ಸಹಬಾಳ್ವೆ ಮತ್ತು ಸೌಹಾರ್ದತೆಯ ಸಂದೇಶವನ್ನು ಸಾರುವ ಕ್ರಿಸ್ಮಸ್ ಹಬ್ಬವು ಸಮಾಜದ ಎಲ್ಲ ವರ್ಗಗಳನ್ನು ಬೆಸೆಯುತ್ತದೆ. ದೇಶದ ಏಕತೆ ಮತ್ತು ಸಮಗ್ರತೆಯನ್ನು ಕಾಪಾಡುವುದು ಪ್ರತಿಯೊಬ್ಬ ನಾಗರಿಕನ ಕರ್ತವ್ಯ ಎಂದು ಹೇಳಿದರು. ಸಮಾಜದಲ್ಲಿ ಶಾಂತಿ ಸೌಹಾರ್ದತೆ ನೆಲೆಸಲು ಯುವಜನರು ಶ್ರಮಿಸಬೇಕು ಎಂದು ಕರೆ ನೀಡಿದರು.
Merry Christmas
ಕ್ರಿಸ್ಮಸ್ ಆಚರಣೆಯ ಅಂಗವಾಗಿ ಚರ್ಚ್ ಆವರಣದಲ್ಲಿ ವಿಶೇಷ ಪ್ರಾರ್ಥನೆ, ಕ್ಯಾರಲ್ ಗಾಯನ ಹಾಗೂ ಸಾಂಸ್ಕೃತಿಕ ಕಾರ್ಯಕ್ರಮಗಳು ನಡೆದವು. ಗೋದಲಿ ದೃಶ್ಯಾವಳಿ ಹಾಗೂ ಕ್ರಿಸ್ಮಸ್ ವೃಕ್ಷದ ಅಲಂಕಾರ ಭಕ್ತರ ಗಮನ ಸೆಳೆಯಿತು. ಮಕ್ಕಳಿಗೆ ಸಿಹಿ ಹಾಗೂ ಉಡುಗೊರೆಗಳನ್ನು ವಿತರಿಸಲಾಯ��ತು. ವಿವಿಧ ಧರ್ಮಗಳ ಮುಖಂಡರು ಹಬ್ಬದ ಶುಭಾಶಯ ಕೋರಿದರು. ಧರ್ಮಗುರುಗಳು ಮಾತನಾಡಿ ಕ್ರಿಸ್ತನ ಬೋಧನೆಗಳಾದ ಪ್ರೀತಿ, ಕ್ಷಮೆ ಮತ್ತು ಸೇವೆ ಎಲ್ಲರ ಬದುಕಿಗೆ ದಾರಿದೀಪವಾಗಬೇಕು ಎಂದರು. ಸಮಾರಂಭದಲ್ಲಿ ಸಮಾಜದ ವಿವಿಧ ವರ್ಗಗಳ ಜನರು, ಮಹಿಳೆಯರು ಮತ್ತು ಮಕ್ಕಳು ಹೆಚ್ಚಿನ ಸಂಖ್ಯೆಯಲ್ಲಿ ಭಾಗವಹಿಸಿ ಹಬ್ಬದ ಸಂಭ್ರಮವನ್ನು ಹಂಚಿಕೊಂಡರು. ನೆರೆಹೊರೆಯವರೊಂದಿಗೆ ಸೌಹಾರ್ದದಿಂದ ಬಾಳುವ ಸಂಕಲ್ಪ ಮಾಡಲಾಯಿತು.
ನೂತನ ಜಿಲ್ಲಾಧಿಕಾರಿ ಅಧಿಕಾರ ಸ್ವೀಕಾರ
ಕೋಲಾರ: ಕೋಲಾರ ಜಿಲ್ಲೆಯ ನೂತನ ಜಿಲ್ಲಾಧಿಕಾರಿಯಾಗಿ ಡಾ.ಎಂ.ಆರ್. ರವಿ ಅವರು ಇಂದು ಬೆಳಿಗ್ಗೆ ನಗರದ ಜಿಲ್ಲಾಧಿಕಾರಿ ಕಚೇರಿಯಲ್ಲಿ ಅಧಿಕಾರ ಸ್ವೀಕರಿಸಿದರು. ಅಪರ ಜಿಲ್ಲಾಧಿಕಾರಿ ಮಂಗಳ, ನೂತನ ಜಿಲ್ಲಾಧಿಕಾರಿಗಳಿಗೆ ಅಧಿಕಾರ ಹಸ್ತಾಂತರಿಸಿ ಶುಭ ಹಾರೈಸಿದರು. 2012ರ ಐ.ಎ.ಎಸ್ ಬ್ಯಾಚ್‌ನ ಅಧಿಕಾರಿಯಾಗಿರುವ ಡಾ.ಎಂ.ಆರ್ ರವಿಯವರು ಶೈಕ್ಷಣಿಕವಾಗಿ ಎಂ.ಎ (ಇತಿಹಾಸ) ಎಂ.ಎ (ಇಂಗ್ಲೀಷ್) ಹಾಗೂ ಪತ್ರಿಕೋದ್ಯಮದಲ್ಲಿ ಸ್ನಾತಕೋತ್ತರ ಪದವಿ ಮತ್ತು ಮೈಸೂರು ವಿಶ್ವವಿದ್ಯಾಲಯದಿಂದ ಇತಿಹಾಸ ವಿಷಯದಲ್ಲಿ ಪಿ.ಎಚ್.ಡಿ ಪದವಿ ಪಡೆದಿರುತ್ತಾರೆ. ಇಂಗ್ಲೀಷ್ ಎಂ.ಎ ಪದವಿಯಲ್ಲಿ ಚಿನ್ನದ ಪದಕ ಪಡೆದಿರುವ ಇವರು ಮೈಸೂರಿನ ಪ್ರಮುಖ ಆಂಗ್ಲ ದಿನಪತ್ರಿಕೆಯಲ್ಲಿ ಪತ್ರಕರ್ತರಾಗಿ ವೃತ್ತಿ ಅನುಭವ ಹೊಂದಿರುತ್ತಾರೆ. ವಿವಿಧ ಪದವಿ ಕಾಲೇಜುಗಳಲ್ಲಿ
DEPUTY COMMISSIONER
ಅಧಿಕಾರಿಯಾಗಿ ಅವರು ಮೈಸೂರು ನಗರ ಆಯುಕ್ತರಾಗಿ ಶಿವಮೊಗ್ಗದಲ್ಲಿ ಪೌರಾಯುಕ್ತರಾಗಿ, ಮೈಸೂರಿನಲ್ಲಿ ಹೆಚ್ಚುವರಿ ಪ್ರಾದೇಶಿಕ ಆಯುಕ್ತರಾಗಿ ಹಾಗೂ ಕರ್ನಾಟಕ ಕೌಶಲ್ಯಾಭಿವೃದ್ಧಿ ನಿಗಮದ ಎಂ.ಡಿಯಾಗಿ ಸೇವೆ ಸಲ್ಲಿಸಿದ್ದಾರೆ. ಅಲ್ಲದೇ ಮಂಗಳೂರು ಜಿಲ್ಲಾ ಪಂಚಾಯತ್
ನಿದೇಶಕರಾಗಿದ್ದರು. ಆಡಳಿತದಲ್ಲಿ ಸಮನ್ವಯತೆ: ಬೆಂಗಳೂರು ಹಾಗೂ ಚಾಮರಾಜನಗರ ಜಿಲ್ಲೆಯಲ್ಲಿ ಜಿಲ್ಲಾಧಿಕಾರಿಯಾಗಿ ಕಾರ್ಯನಿರ್ವಹಿಸಿದ ಅನುಭವ ಇದೆ. ಕೋಲಾರ ತನ್ನದೇ ರೀತಿಯಲ್ಲಿ ವಿಶಿಷ್ಟವಾದ ಜಿಲ್ಲೆ, ಇಲ್ಲಿ ಕೆಲಸ ಮಾಡುವುದು ಉತ್ತಮ ಅವಕಾಶ ಎಂದು ಭಾವಿಸಿದ್ದೇನೆ. ಇಲ್ಲಿ ಸಾಕಷ್ಟು ಅವಕಾಶಗಳಿವೆ. ಇಲ್ಲಿನ ಜನರು ಹಲವು ರೀತಿಯ ಜೀವನ ಇರುವವರು. ನಮ್ಮ ಕೆಲಸ ಇಲ್ಲಿನ ಸಂಪನ್ಮೂಲಗಳ ಕ್ರೋಢೀಕರಣ ಮತ್ತು ಆಡಳಿತದಲ್ಲಿ ಸಮನ್ವಯತೆ ಸಾಧಿಸುವುದು. ವೈಯಕ್ತಿಕವಾಗಿಯೂ, ವೃತ್ತಿ ಜೀವನದಲ್ಲೂ ಈ ಜಿಲ್ಲೆಯಲ್ಲಿ ಕೆಲಸ ಮಾಡುವುದು ಒಂದು ಮೈಲಿಗಲ್ಲು ಎಂದು ಭಾವಿಸಿದ್ದೇನೆ ಎಂದು ಪ್ರತಿಕ್ರಿಯಿಸಿದ್ದಾರೆ. ಇದು ಬಹಳಷ್ಟು ಅವಕಾಶಗಳು ತುಂಬಿರುವ ಜಿಲ್ಲೆ, ಅನೇಕ ಉದ್ಯಮಗಳಿವೆ, ಸಂಸ್ಥೆಗಳಿವೆ ಮುಂದಿನ ದಿನಗಳಲ್ಲಿ
